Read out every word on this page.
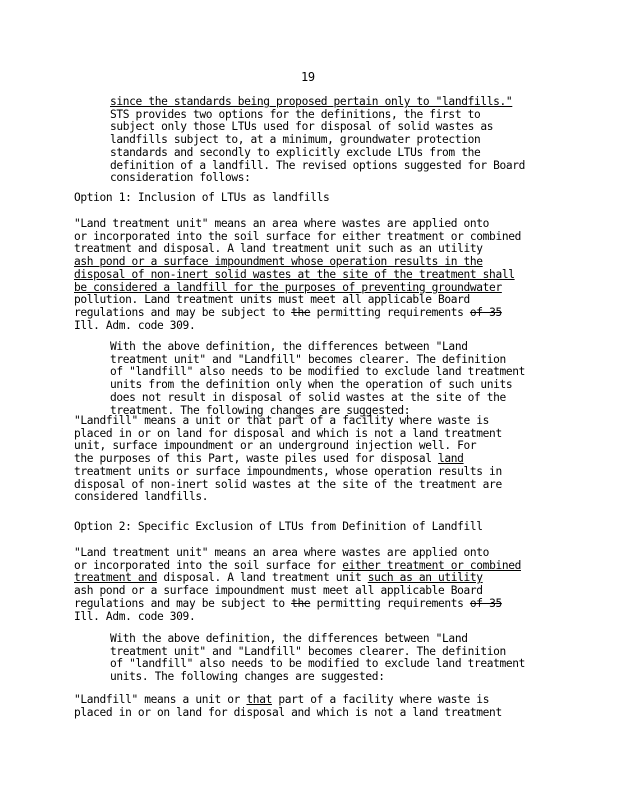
19
since the standards being proposed pertain only to "landfills."
STS provides two options for the definitions, the first to
subject only those LTUs used for disposal of solid wastes as
landfills subject to, at a minimum, groundwater protection
standards and secondly to explicitly exclude LTUs from the
definition of a landfill. The revised options suggested for Board
consideration follows:
Option 1: Inclusion of LTUs as landfills
"Land treatment unit" means an area where wastes are applied onto
or incorporated into the soil surface for either treatment or combined
treatment and disposal. A land treatment unit such as an utility
ash pond or a surface impoundment whose operation results in the
disposal of non-inert solid wastes at the site of the treatment shall
be considered a landfill for the purposes of preventing groundwater
pollution. Land treatment units must meet all applicable Board
regulations and may be subject to the permitting requirements of 35
Ill. Adm. code 309.
With the above definition, the differences between "Land
treatment unit" and "Landfill" becomes clearer. The definition
of "landfill" also needs to be modified to exclude land treatment
units from the definition only when the operation of such units
does not result in disposal of solid wastes at the site of the
treatment. The following changes are suggested:
"Landfill" means a unit or that part of a facility where waste is
placed in or on land for disposal and which is not a land treatment
unit, surface impoundment or an underground injection well. For
the purposes of this Part, waste piles used for disposal land
treatment units or surface impoundments, whose operation results in
disposal of non-inert solid wastes at the site of the treatment are
considered landfills.
Option 2: Specific Exclusion of LTUs from Definition of Landfill
"Land treatment unit" means an area where wastes are applied onto
or incorporated into the soil surface for either treatment or combined
treatment and disposal. A land treatment unit such as an utility
ash pond or a surface impoundment must meet all applicable Board
regulations and may be subject to the permitting requirements of 35
Ill. Adm. code 309.
With the above definition, the differences between "Land
treatment unit" and "Landfill" becomes clearer. The definition
of "landfill" also needs to be modified to exclude land treatment
units. The following changes are suggested:
"Landfill" means a unit or that part of a facility where waste is
placed in or on land for disposal and which is not a land treatment
